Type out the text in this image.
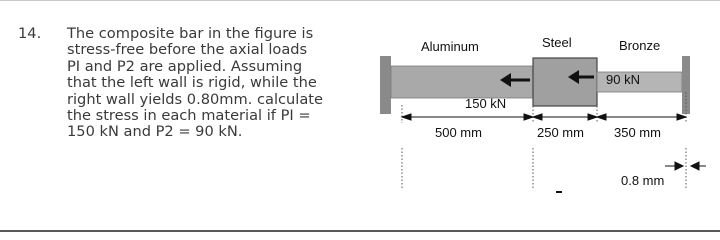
14. The composite bar in the figure is
stress-free before the axial loads
PI and P2 are applied. Assuming
that the left wall is rigid, while the
right wall yields 0.80mm. calculate
the stress in each material if PI =
150 kN and P2 = 90 kN.
Aluminum	Steel	Bronze
150 kN
90 kN
500 mm	250 mm 350 mm
0.8 mm
